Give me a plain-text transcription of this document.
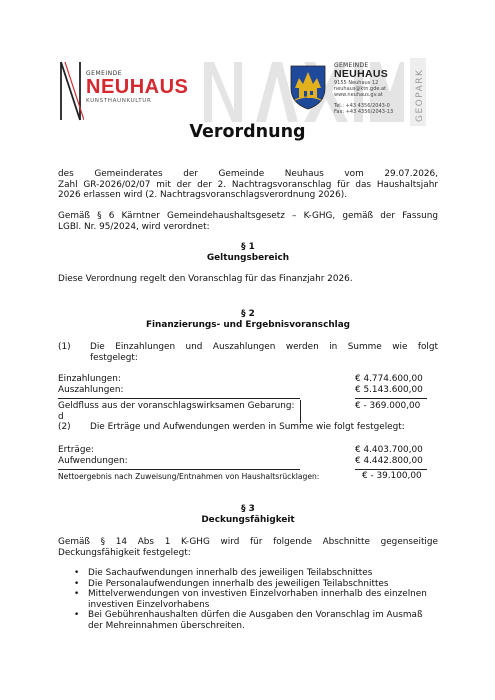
GEMEINDE
NEUHAUS
KUNSTHAUNKULTUR
GEMEINDE
NEUHAUS
9155 Neuhaus 12
neuhaus@ktn.gde.at
www.neuhaus.gv.at
Tel.: +43 4356/2043-0
Fax: +43 4356/2043-13	GEOPARK
Verordnung
des Gemeinderates der Gemeinde Neuhaus vom 29.07.2026,
Zahl GR-2026/02/07 mit der der 2. Nachtragsvoranschlag für das Haushaltsjahr
2026 erlassen wird (2. Nachtragsvoranschlagsverordnung 2026).
Gemäß § 6 Kärntner Gemeindehaushaltsgesetz – K-GHG, gemäß der Fassung
LGBl. Nr. 95/2024, wird verordnet:
§ 1
Geltungsbereich
Diese Verordnung regelt den Voranschlag für das Finanzjahr 2026.
§ 2
Finanzierungs- und Ergebnisvoranschlag
(1)	Die Einzahlungen und Auszahlungen werden in Summe wie folgt
festgelegt:
Einzahlungen:	€ 4.774.600,00
Auszahlungen:	€ 5.143.600,00
Geldfluss aus der voranschlagswirksamen Gebarung:	€ - 369.000,00
d
(2)	Die Erträge und Aufwendungen werden in Summe wie folgt festgelegt:
Erträge:	€ 4.403.700,00
Aufwendungen:	€ 4.442.800,00
Nettoergebnis nach Zuweisung/Entnahmen von Haushaltsrücklagen:	€ - 39.100,00
§ 3
Deckungsfähigkeit
Gemäß § 14 Abs 1 K-GHG wird für folgende Abschnitte gegenseitige
Deckungsfähigkeit festgelegt:
• Die Sachaufwendungen innerhalb des jeweiligen Teilabschnittes
• Die Personalaufwendungen innerhalb des jeweiligen Teilabschnittes
• Mittelverwendungen von investiven Einzelvorhaben innerhalb des einzelnen investiven Einzelvorhabens
• Bei Gebührenhaushalten dürfen die Ausgaben den Voranschlag im Ausmaß der Mehreinnahmen überschreiten.
